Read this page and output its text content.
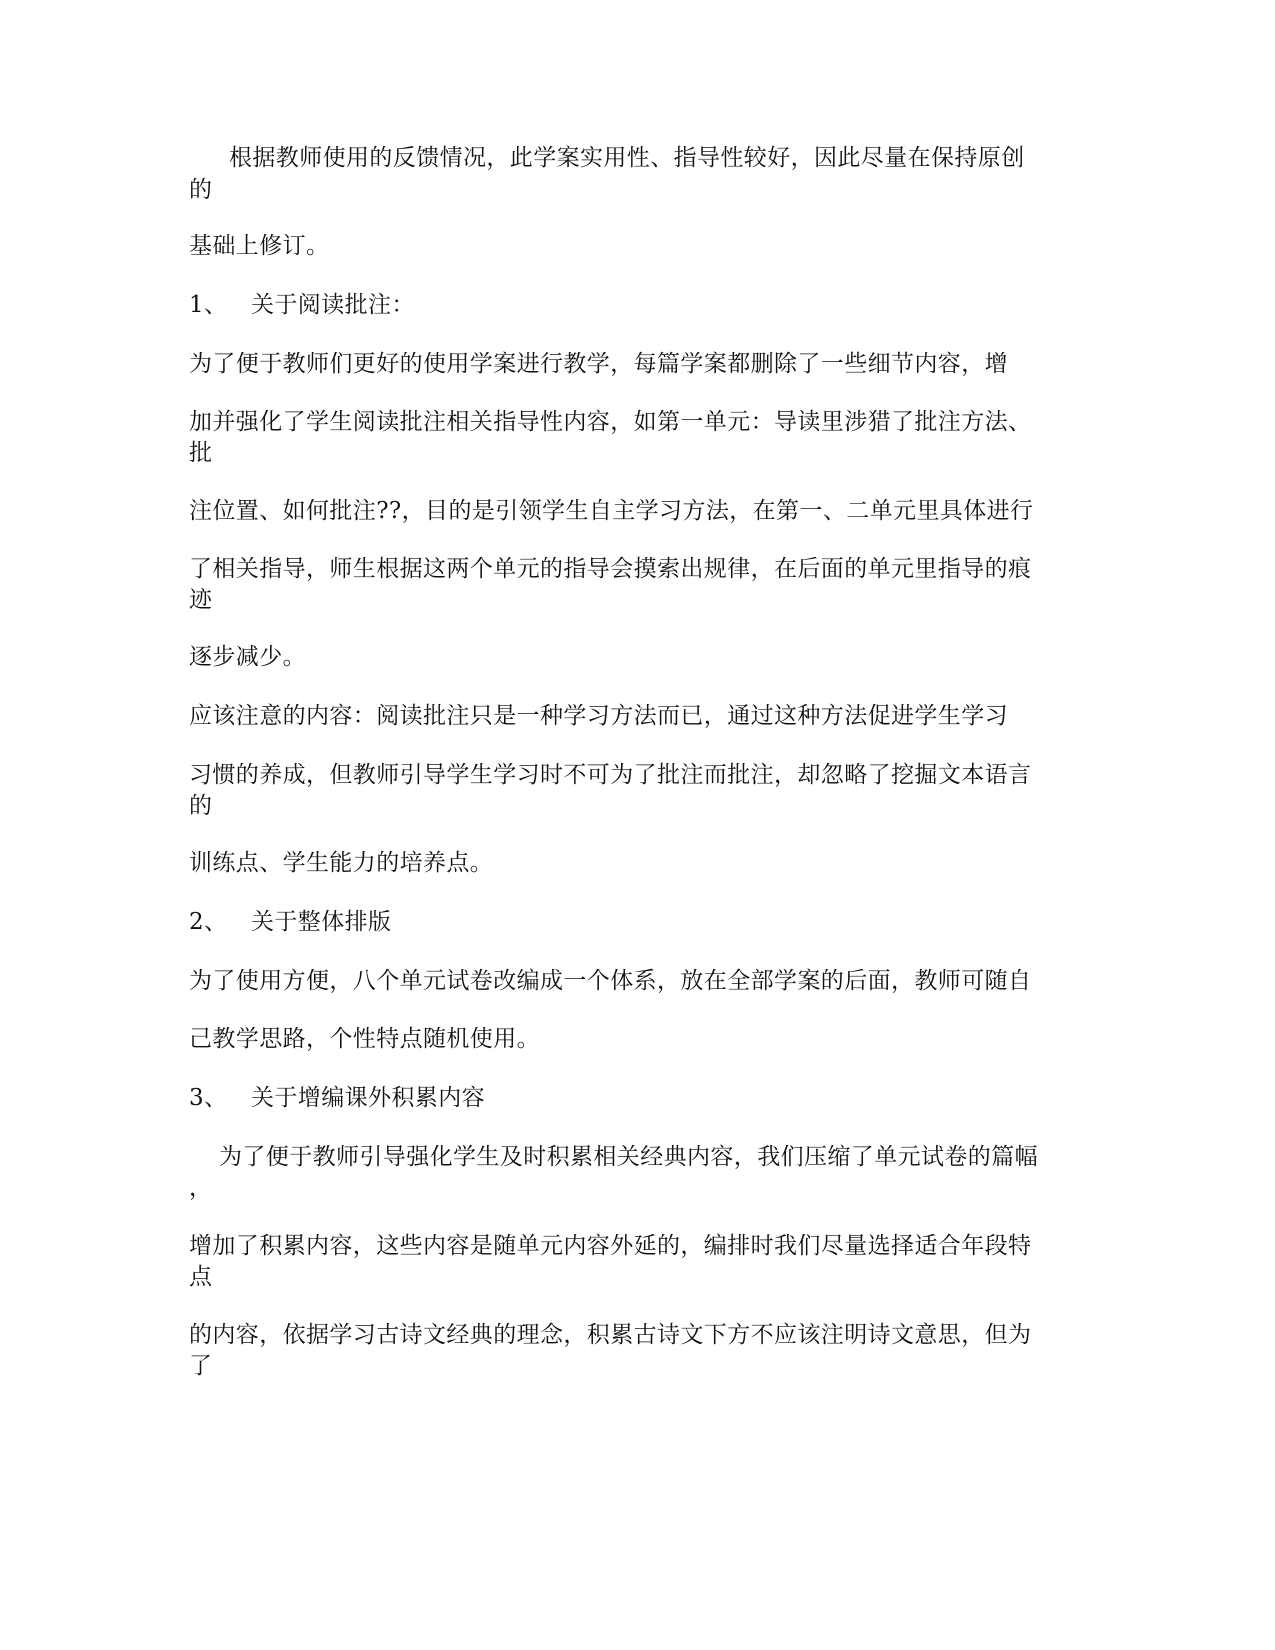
根据教师使用的反馈情况，此学案实用性、指导性较好，因此尽量在保持原创
的
基础上修订。
1、 关于阅读批注：
为了便于教师们更好的使用学案进行教学，每篇学案都删除了一些细节内容，增
加并强化了学生阅读批注相关指导性内容，如第一单元：导读里涉猎了批注方法、
批
注位置、如何批注??，目的是引领学生自主学习方法，在第一、二单元里具体进行
了相关指导，师生根据这两个单元的指导会摸索出规律，在后面的单元里指导的痕
迹
逐步减少。
应该注意的内容：阅读批注只是一种学习方法而已，通过这种方法促进学生学习
习惯的养成，但教师引导学生学习时不可为了批注而批注，却忽略了挖掘文本语言
的
训练点、学生能力的培养点。
2、 关于整体排版
为了使用方便，八个单元试卷改编成一个体系，放在全部学案的后面，教师可随自
己教学思路，个性特点随机使用。
3、 关于增编课外积累内容
为了便于教师引导强化学生及时积累相关经典内容，我们压缩了单元试卷的篇幅
，
增加了积累内容，这些内容是随单元内容外延的，编排时我们尽量选择适合年段特
点
的内容，依据学习古诗文经典的理念，积累古诗文下方不应该注明诗文意思，但为
了
